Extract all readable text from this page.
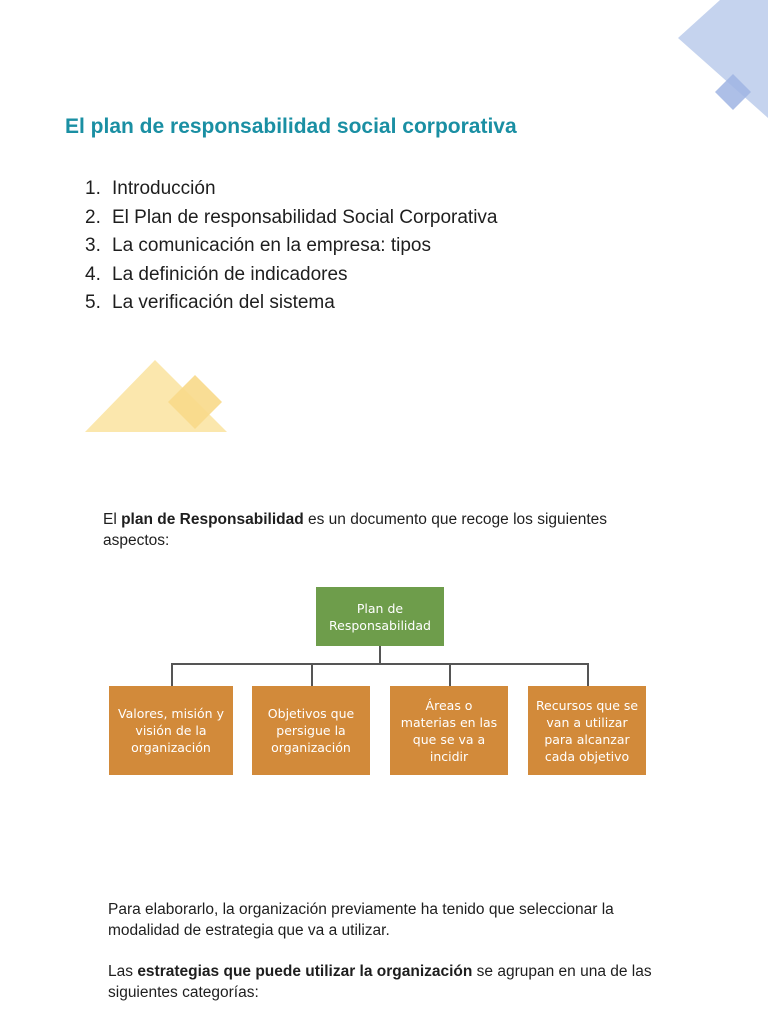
El plan de responsabilidad social corporativa
1. Introducción
2. El Plan de responsabilidad Social Corporativa
3. La comunicación en la empresa: tipos
4. La definición de indicadores
5. La verificación del sistema

El plan de Responsabilidad es un documento que recoge los siguientes aspectos:

Plan de Responsabilidad
Valores, misión y visión de la organización
Objetivos que persigue la organización
Áreas o materias en las que se va a incidir
Recursos que se van a utilizar para alcanzar cada objetivo

Para elaborarlo, la organización previamente ha tenido que seleccionar la modalidad de estrategia que va a utilizar.

Las estrategias que puede utilizar la organización se agrupan en una de las siguientes categorías:
